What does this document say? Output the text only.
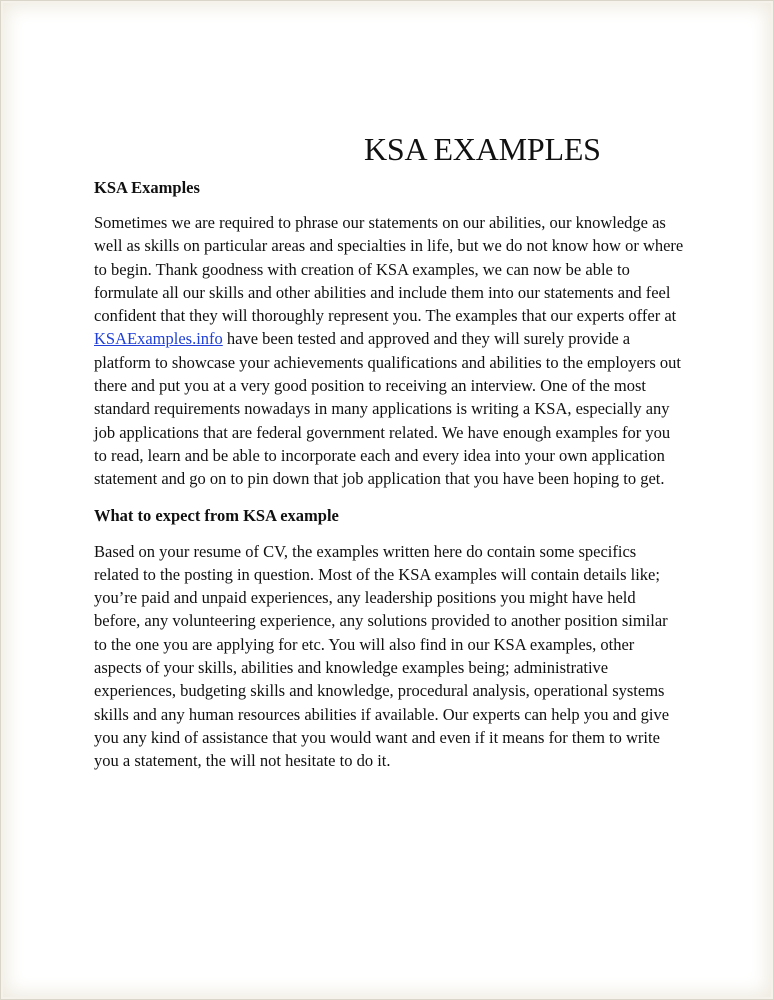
KSA EXAMPLES
KSA Examples

Sometimes we are required to phrase our statements on our abilities, our knowledge as well as skills on particular areas and specialties in life, but we do not know how or where to begin. Thank goodness with creation of KSA examples, we can now be able to formulate all our skills and other abilities and include them into our statements and feel confident that they will thoroughly represent you. The examples that our experts offer at KSAExamples.info have been tested and approved and they will surely provide a platform to showcase your achievements qualifications and abilities to the employers out there and put you at a very good position to receiving an interview. One of the most standard requirements nowadays in many applications is writing a KSA, especially any job applications that are federal government related. We have enough examples for you to read, learn and be able to incorporate each and every idea into your own application statement and go on to pin down that job application that you have been hoping to get.

What to expect from KSA example

Based on your resume of CV, the examples written here do contain some specifics related to the posting in question. Most of the KSA examples will contain details like; you’re paid and unpaid experiences, any leadership positions you might have held before, any volunteering experience, any solutions provided to another position similar to the one you are applying for etc. You will also find in our KSA examples, other aspects of your skills, abilities and knowledge examples being; administrative experiences, budgeting skills and knowledge, procedural analysis, operational systems skills and any human resources abilities if available. Our experts can help you and give you any kind of assistance that you would want and even if it means for them to write you a statement, the will not hesitate to do it.
